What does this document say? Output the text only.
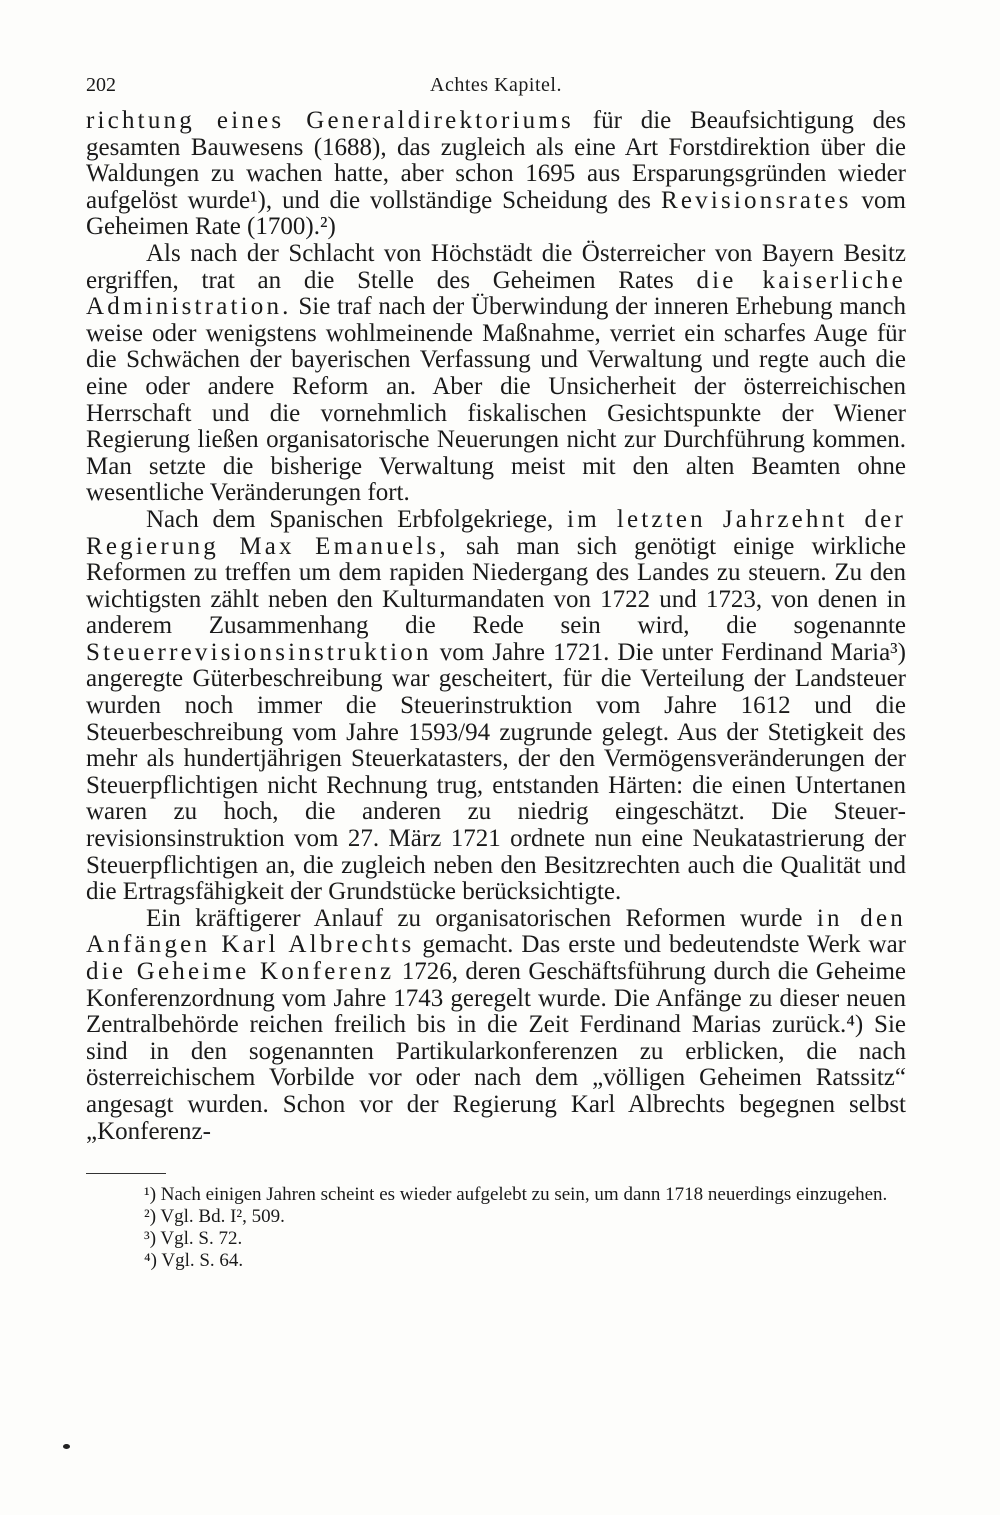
202	Achtes Kapitel.

richtung eines Generaldirektoriums für die Beaufsichtigung des gesamten Bauwesens (1688), das zugleich als eine Art Forstdirektion über die Waldungen zu wachen hatte, aber schon 1695 aus Ersparungsgründen wieder aufgelöst wurde¹), und die vollständige Scheidung des Revisionsrates vom Geheimen Rate (1700).²)

Als nach der Schlacht von Höchstädt die Österreicher von Bayern Besitz ergriffen, trat an die Stelle des Geheimen Rates die kaiserliche Administration. Sie traf nach der Überwindung der inneren Erhebung manch weise oder wenigstens wohlmeinende Maßnahme, verriet ein scharfes Auge für die Schwächen der bayerischen Verfassung und Verwaltung und regte auch die eine oder andere Reform an. Aber die Unsicherheit der österreichischen Herrschaft und die vornehmlich fiskalischen Gesichtspunkte der Wiener Regierung ließen organisatorische Neuerungen nicht zur Durchführung kommen. Man setzte die bisherige Verwaltung meist mit den alten Beamten ohne wesentliche Veränderungen fort.

Nach dem Spanischen Erbfolgekriege, im letzten Jahrzehnt der Regierung Max Emanuels, sah man sich genötigt einige wirkliche Reformen zu treffen um dem rapiden Niedergang des Landes zu steuern. Zu den wichtigsten zählt neben den Kulturmandaten von 1722 und 1723, von denen in anderem Zusammenhang die Rede sein wird, die sogenannte Steuerrevisionsinstruktion vom Jahre 1721. Die unter Ferdinand Maria³) angeregte Güterbeschreibung war gescheitert, für die Verteilung der Landsteuer wurden noch immer die Steuerinstruktion vom Jahre 1612 und die Steuerbeschreibung vom Jahre 1593/94 zugrunde gelegt. Aus der Stetigkeit des mehr als hundertjährigen Steuerkatasters, der den Vermögensveränderungen der Steuerpflichtigen nicht Rechnung trug, entstanden Härten: die einen Untertanen waren zu hoch, die anderen zu niedrig eingeschätzt. Die Steuerrevisionsinstruktion vom 27. März 1721 ordnete nun eine Neukatastrierung der Steuerpflichtigen an, die zugleich neben den Besitzrechten auch die Qualität und die Ertragsfähigkeit der Grundstücke berücksichtigte.

Ein kräftigerer Anlauf zu organisatorischen Reformen wurde in den Anfängen Karl Albrechts gemacht. Das erste und bedeutendste Werk war die Geheime Konferenz 1726, deren Geschäftsführung durch die Geheime Konferenzordnung vom Jahre 1743 geregelt wurde. Die Anfänge zu dieser neuen Zentralbehörde reichen freilich bis in die Zeit Ferdinand Marias zurück.⁴) Sie sind in den sogenannten Partikularkonferenzen zu erblicken, die nach österreichischem Vorbilde vor oder nach dem „völligen Geheimen Ratssitz“ angesagt wurden. Schon vor der Regierung Karl Albrechts begegnen selbst „Konferenz-

¹) Nach einigen Jahren scheint es wieder aufgelebt zu sein, um dann 1718 neuerdings einzugehen.

²) Vgl. Bd. I², 509.

³) Vgl. S. 72.

⁴) Vgl. S. 64.
